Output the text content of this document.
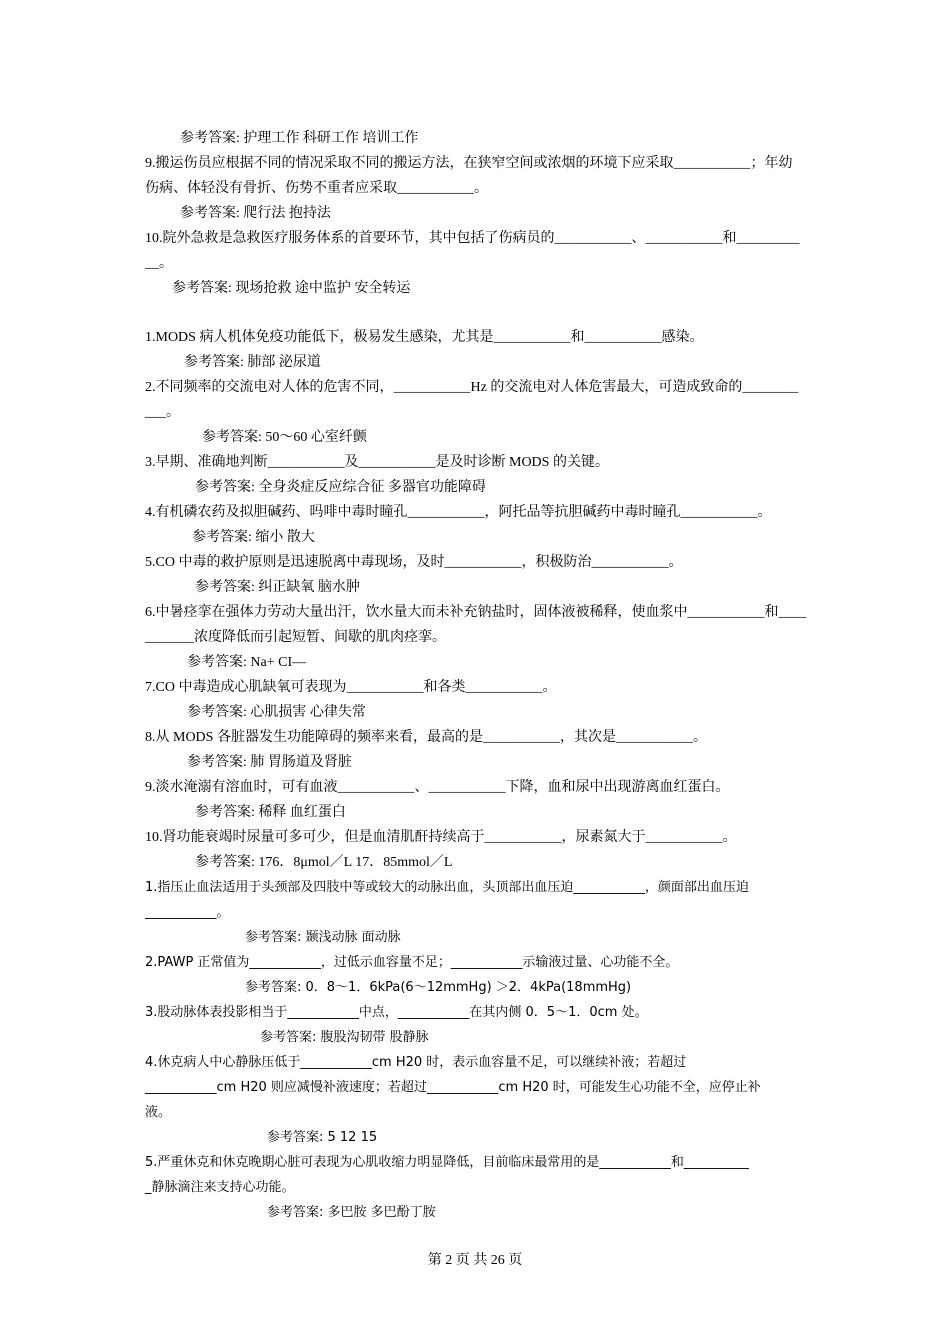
参考答案: 护理工作 科研工作 培训工作
9.搬运伤员应根据不同的情况采取不同的搬运方法，在狭窄空间或浓烟的环境下应采取___________；年幼
伤病、体轻没有骨折、伤势不重者应采取___________。
参考答案: 爬行法 抱持法
10.院外急救是急救医疗服务体系的首要环节，其中包括了伤病员的___________、___________和_________
__。
参考答案: 现场抢救 途中监护 安全转运
1.MODS 病人机体免疫功能低下，极易发生感染，尤其是___________和___________感染。
参考答案: 肺部 泌尿道
2.不同频率的交流电对人体的危害不同，___________Hz 的交流电对人体危害最大，可造成致命的________
___。
参考答案: 50～60 心室纤颤
3.早期、准确地判断___________及___________是及时诊断 MODS 的关键。
参考答案: 全身炎症反应综合征 多器官功能障碍
4.有机磷农药及拟胆碱药、吗啡中毒时瞳孔___________，阿托品等抗胆碱药中毒时瞳孔___________。
参考答案: 缩小 散大
5.CO 中毒的救护原则是迅速脱离中毒现场，及时___________，积极防治___________。
参考答案: 纠正缺氧 脑水肿
6.中暑痉挛在强体力劳动大量出汗，饮水量大而未补充钠盐时，固体液被稀释，使血浆中___________和____
_______浓度降低而引起短暂、间歇的肌肉痉挛。
参考答案: Na+ CI—
7.CO 中毒造成心肌缺氧可表现为___________和各类___________。
参考答案: 心肌损害 心律失常
8.从 MODS 各脏器发生功能障碍的频率来看，最高的是___________，其次是___________。
参考答案: 肺 胃肠道及肾脏
9.淡水淹溺有溶血时，可有血液___________、___________下降，血和尿中出现游离血红蛋白。
参考答案: 稀释 血红蛋白
10.肾功能衰竭时尿量可多可少，但是血清肌酐持续高于___________，尿素氮大于___________。
参考答案: 176．8μmol／L 17．85mmol／L
1.指压止血法适用于头颈部及四肢中等或较大的动脉出血，头顶部出血压迫___________，颜面部出血压迫
___________。
参考答案: 颞浅动脉 面动脉
2.PAWP 正常值为___________，过低示血容量不足；___________示输液过量、心功能不全。
参考答案: 0．8～1．6kPa(6～12mmHg) ＞2．4kPa(18mmHg)
3.股动脉体表投影相当于___________中点，___________在其内侧 0．5～1．0cm 处。
参考答案: 腹股沟韧带 股静脉
4.休克病人中心静脉压低于___________cm H20 时，表示血容量不足，可以继续补液；若超过
___________cm H20 则应减慢补液速度；若超过___________cm H20 时，可能发生心功能不全，应停止补
液。
参考答案: 5 12 15
5.严重休克和休克晚期心脏可表现为心肌收缩力明显降低，目前临床最常用的是___________和__________
_静脉滴注来支持心功能。
参考答案: 多巴胺 多巴酚丁胺
第 2 页 共 26 页
